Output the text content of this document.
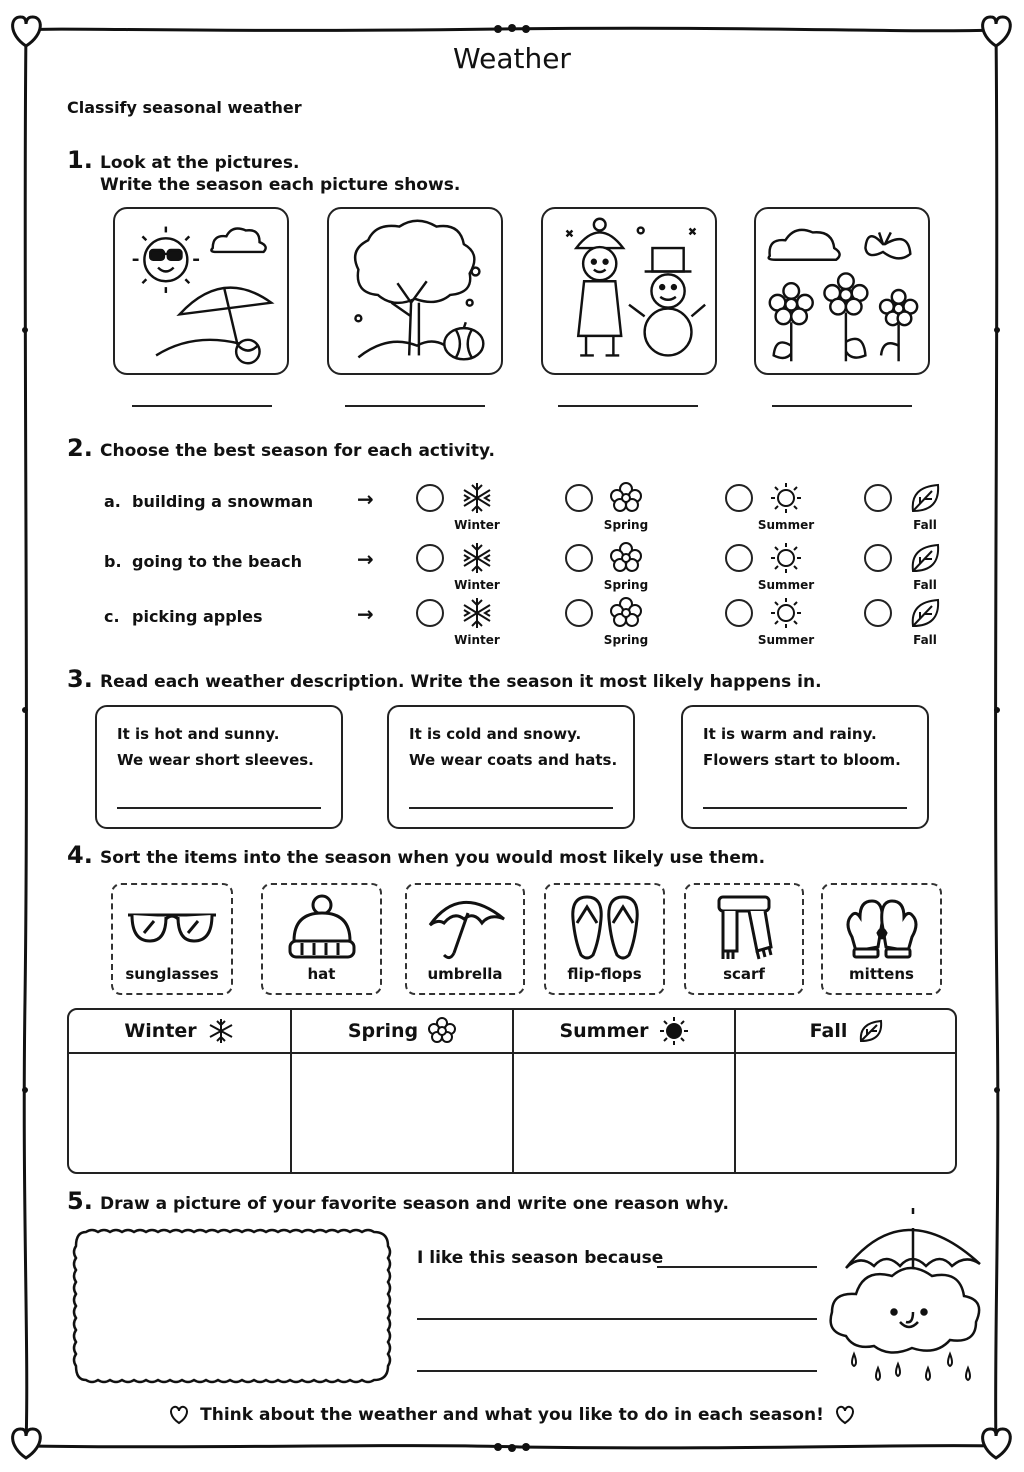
Weather
Classify seasonal weather
1. Look at the pictures.
Write the season each picture shows.
2. Choose the best season for each activity.
a. building a snowman →
Winter	Spring	Summer	Fall
b. going to the beach	→
Winter	Spring	Summer	Fall
c. picking apples	→
Winter	Spring	Summer	Fall
3. Read each weather description. Write the season it most likely happens in.
It is hot and sunny.
We wear short sleeves.
It is cold and snowy.
We wear coats and hats.
It is warm and rainy.
Flowers start to bloom.
4. Sort the items into the season when you would most likely use them.
sunglasses	hat	umbrella	flip-flops	scarf	mittens
Winter	Spring	Summer	Fall
5. Draw a picture of your favorite season and write one reason why.
I like this season because
Think about the weather and what you like to do in each season!
